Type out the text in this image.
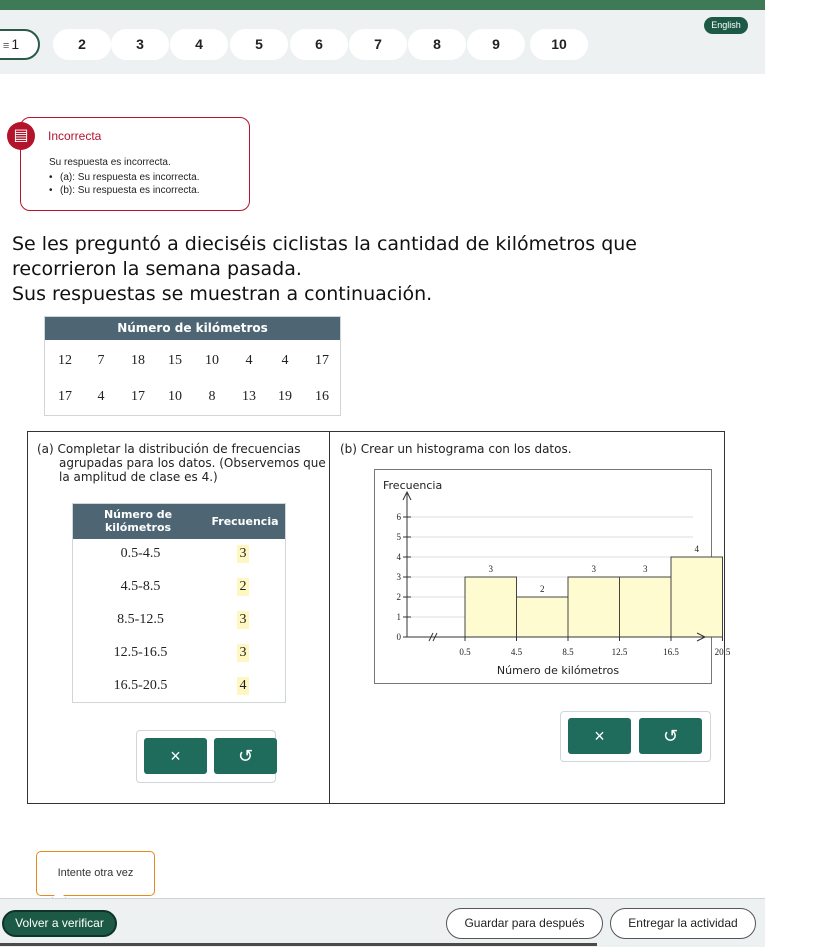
English
≡ 1	2	3	4	5	6	7	8	9	10
▤	Incorrecta
Su respuesta es incorrecta.
• (a): Su respuesta es incorrecta.
• (b): Su respuesta es incorrecta.
Se les preguntó a dieciséis ciclistas la cantidad de kilómetros que
recorrieron la semana pasada.
Sus respuestas se muestran a continuación.
Número de kilómetros
12	7	18	15	10	4	4	17
17	4	17	10	8	13	19	16
(a) Completar la distribución de frecuencias
agrupadas para los datos. (Observemos que
la amplitud de clase es 4.)
Número de
kilómetros	Frecuencia
0.5-4.5	3
4.5-8.5	2
8.5-12.5	3
12.5-16.5	3
16.5-20.5	4
×	↺
(b) Crear un histograma con los datos.
Frecuencia
Número de kilómetros
3
2
3	3
4
0
1
2
3
4
5
6
0.5	4.5	8.5	12.5	16.5	20.5
×	↺
Intente otra vez
Volver a verificar	Guardar para después	Entregar la actividad
